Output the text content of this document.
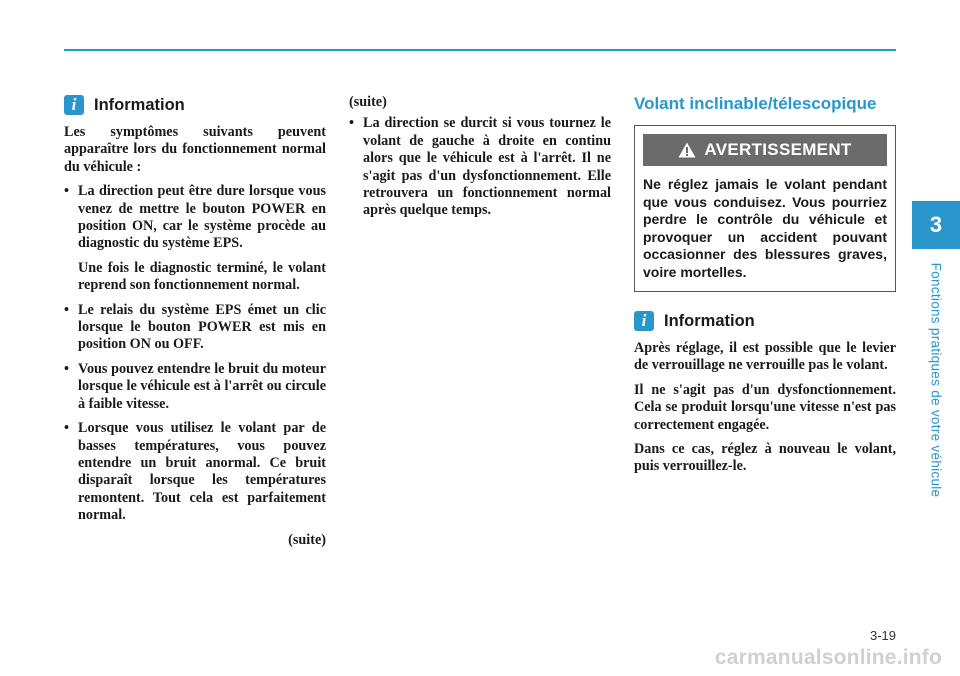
i	Information

Les symptômes suivants peuvent apparaître lors du fonctionnement normal du véhicule :

• La direction peut être dure lorsque vous venez de mettre le bouton POWER en position ON, car le système procède au diagnostic du système EPS.

Une fois le diagnostic terminé, le volant reprend son fonctionnement normal.

• Le relais du système EPS émet un clic lorsque le bouton POWER est mis en position ON ou OFF.

• Vous pouvez entendre le bruit du moteur lorsque le véhicule est à l'arrêt ou circule à faible vitesse.

• Lorsque vous utilisez le volant par de basses températures, vous pouvez entendre un bruit anormal. Ce bruit disparaît lorsque les températures remontent. Tout cela est parfaitement normal.

(suite)

(suite)

• La direction se durcit si vous tournez le volant de gauche à droite en continu alors que le véhicule est à l'arrêt. Il ne s'agit pas d'un dysfonctionnement. Elle retrouvera un fonctionnement normal après quelque temps.

Volant inclinable/télescopique
AVERTISSEMENT
Ne réglez jamais le volant pendant que vous conduisez. Vous pourriez perdre le contrôle du véhicule et provoquer un accident pouvant occasionner des blessures graves, voire mortelles.
i	Information

Après réglage, il est possible que le levier de verrouillage ne verrouille pas le volant.

Il ne s'agit pas d'un dysfonctionnement. Cela se produit lorsqu'une vitesse n'est pas correctement engagée.

Dans ce cas, réglez à nouveau le volant, puis verrouillez-le.

3
Fonctions pratiques de votre véhicule
3-19
carmanualsonline.info
